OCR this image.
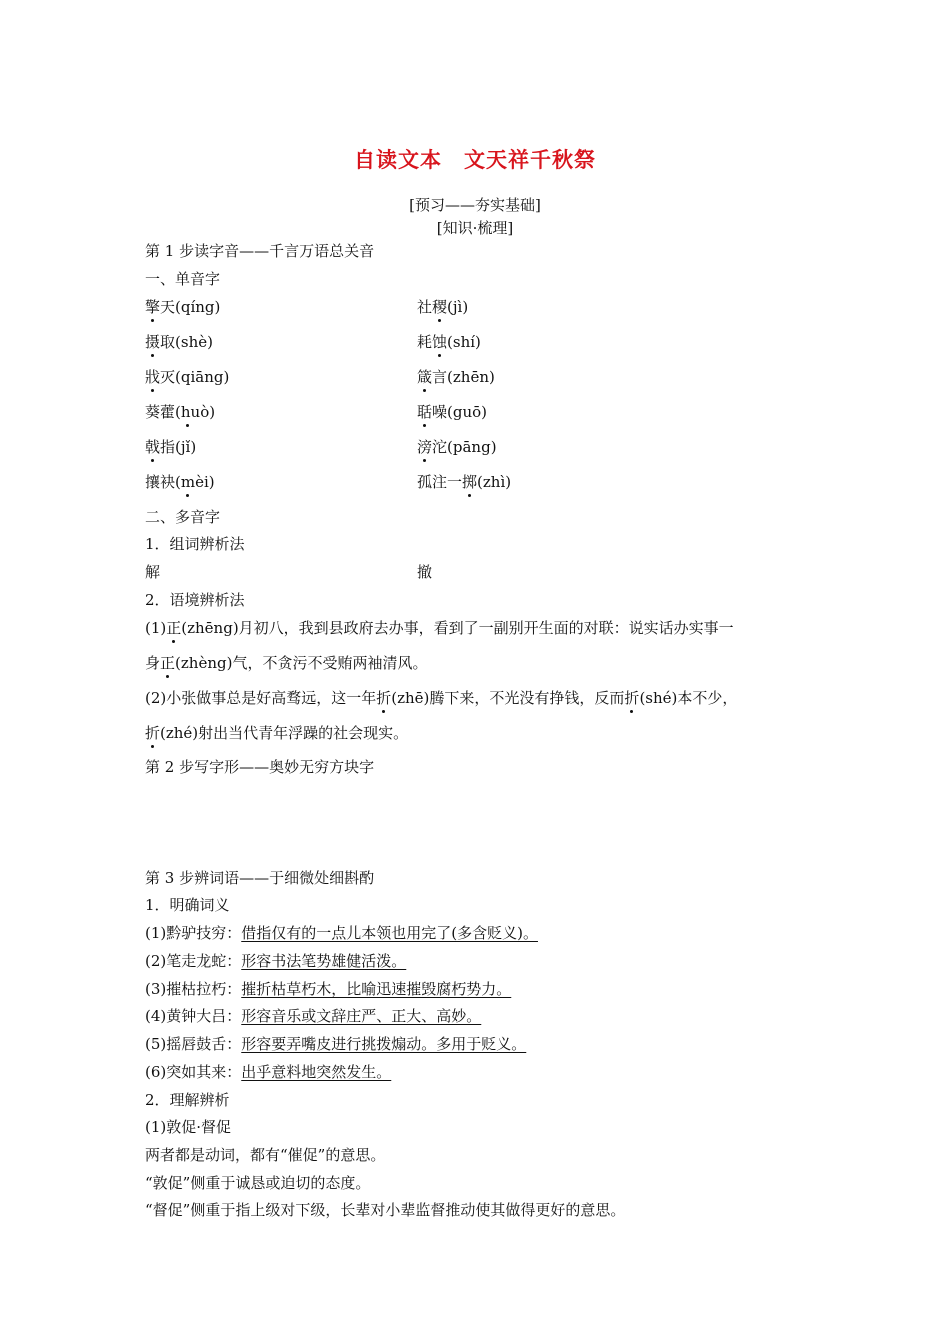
自读文本　文天祥千秋祭
[预习——夯实基础]
[知识·梳理]
第 1 步读字音——千言万语总关音
一、单音字
擎天(qíng)	社稷(jì)
摄取(shè)	耗蚀(shí)
戕灭(qiāng)	箴言(zhēn)
葵藿(huò)	聒噪(guō)
戟指(jǐ)	滂沱(pāng)
攘袂(mèi)	孤注一掷(zhì)
二、多音字
1．组词辨析法
解	撤
2．语境辨析法
(1)正(zhēng)月初八，我到县政府去办事，看到了一副别开生面的对联：说实话办实事一
身正(zhèng)气，不贪污不受贿两袖清风。
(2)小张做事总是好高骛远，这一年折(zhē)腾下来，不光没有挣钱，反而折(shé)本不少，
折(zhé)射出当代青年浮躁的社会现实。
第 2 步写字形——奥妙无穷方块字
第 3 步辨词语——于细微处细斟酌
1．明确词义
(1)黔驴技穷：借指仅有的一点儿本领也用完了(多含贬义)。
(2)笔走龙蛇：形容书法笔势雄健活泼。
(3)摧枯拉朽：摧折枯草朽木，比喻迅速摧毁腐朽势力。
(4)黄钟大吕：形容音乐或文辞庄严、正大、高妙。
(5)摇唇鼓舌：形容要弄嘴皮进行挑拨煽动。多用于贬义。
(6)突如其来：出乎意料地突然发生。
2．理解辨析
(1)敦促·督促
两者都是动词，都有“催促”的意思。
“敦促”侧重于诚恳或迫切的态度。
“督促”侧重于指上级对下级，长辈对小辈监督推动使其做得更好的意思。
